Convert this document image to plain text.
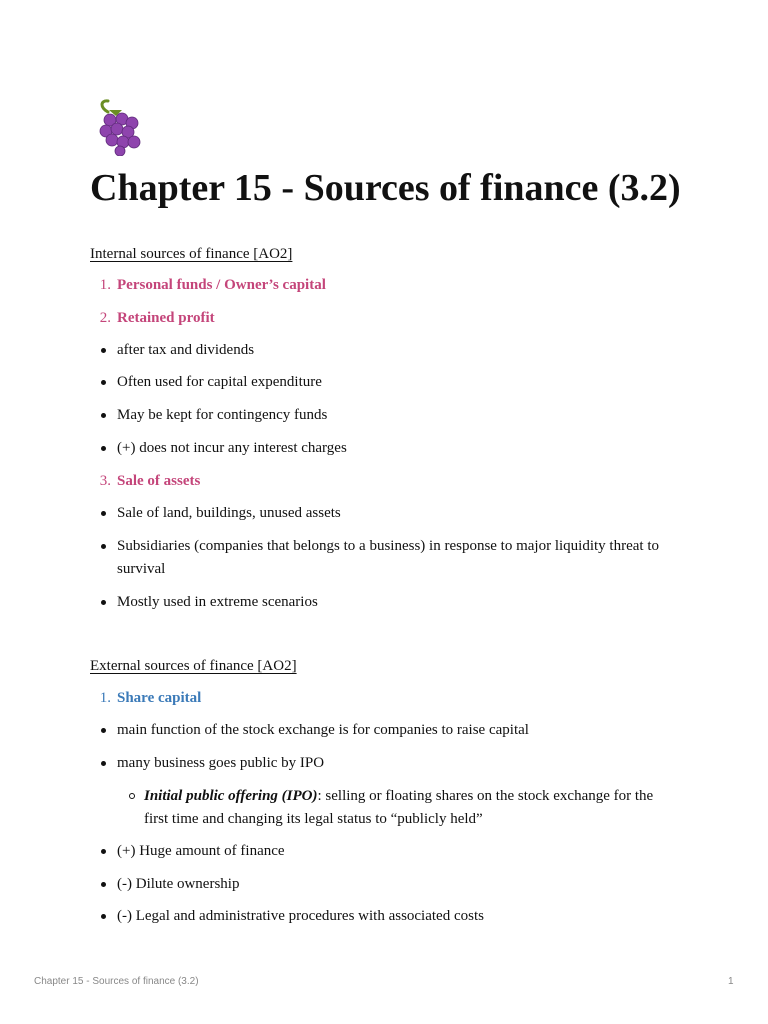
Chapter 15 - Sources of finance (3.2)

Internal sources of finance [AO2]

1. Personal funds / Owner’s capital
2. Retained profit
after tax and dividends
Often used for capital expenditure
May be kept for contingency funds
(+) does not incur any interest charges
3. Sale of assets
Sale of land, buildings, unused assets
Subsidiaries (companies that belongs to a business) in response to major liquidity threat to survival
Mostly used in extreme scenarios

External sources of finance [AO2]

1. Share capital
main function of the stock exchange is for companies to raise capital
many business goes public by IPO
Initial public offering (IPO): selling or floating shares on the stock exchange for the first time and changing its legal status to “publicly held”
(+) Huge amount of finance
(-) Dilute ownership
(-) Legal and administrative procedures with associated costs
Chapter 15 - Sources of finance (3.2)	1
